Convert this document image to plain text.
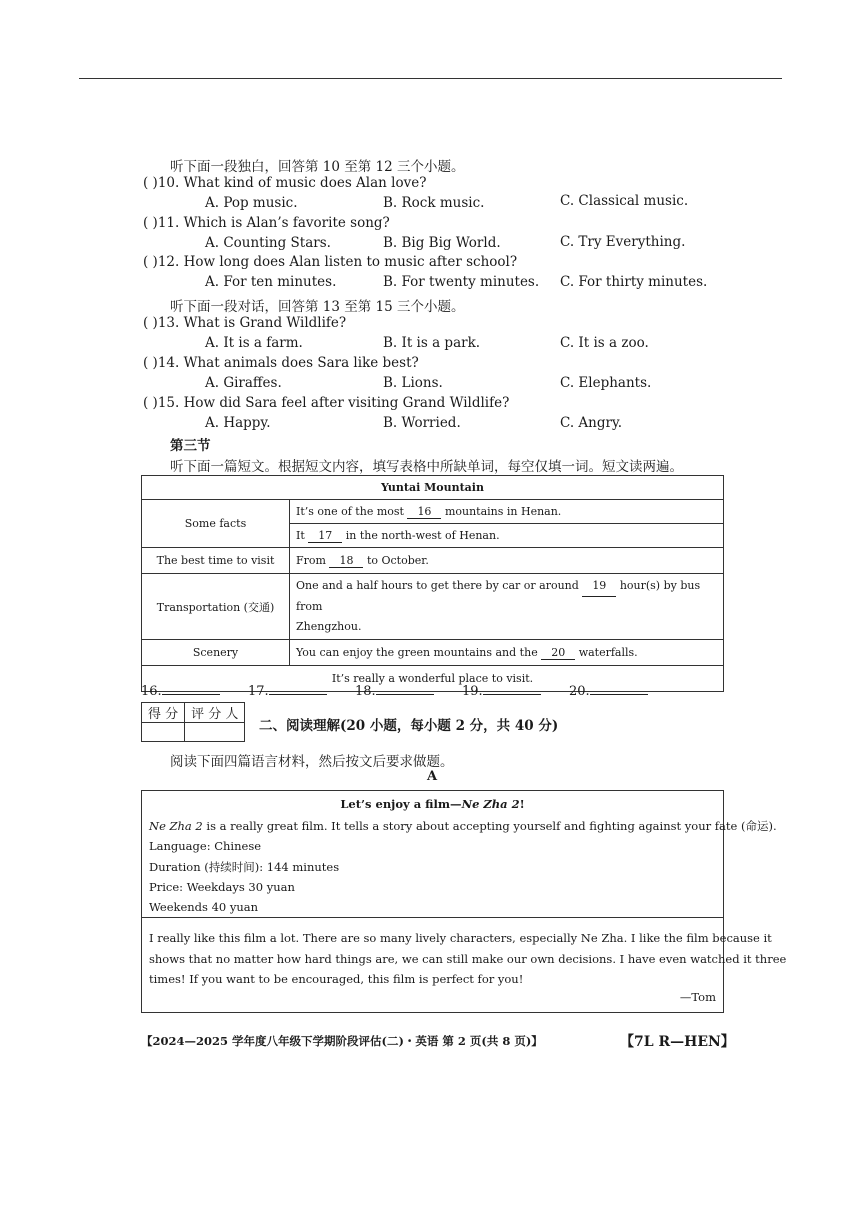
听下面一段独白，回答第 10 至第 12 三个小题。
( )10. What kind of music does Alan love?
A. Pop music.	B. Rock music.	C. Classical music.
( )11. Which is Alan’s favorite song?
A. Counting Stars.	B. Big Big World.	C. Try Everything.
( )12. How long does Alan listen to music after school?
A. For ten minutes.	B. For twenty minutes. C. For thirty minutes.
听下面一段对话，回答第 13 至第 15 三个小题。
( )13. What is Grand Wildlife?
A. It is a farm.	B. It is a park.	C. It is a zoo.
( )14. What animals does Sara like best?
A. Giraffes.	B. Lions.	C. Elephants.
( )15. How did Sara feel after visiting Grand Wildlife?
A. Happy.	B. Worried.	C. Angry.
第三节
听下面一篇短文。根据短文内容，填写表格中所缺单词，每空仅填一词。短文读两遍。
Yuntai Mountain	
Some facts	It’s one of the most 16 mountains in Henan.
	It 17 in the north-west of Henan.
The best time to visit	From 18 to October.
Transportation (交通)	One and a half hours to get there by car or around 19 hour(s) by bus from
Zhengzhou.
Scenery	You can enjoy the green mountains and the 20 waterfalls.
It’s really a wonderful place to visit.	
16.	17.	18.	19.	20.
得 分	评 分 人

二、阅读理解(20 小题，每小题 2 分，共 40 分)
阅读下面四篇语言材料，然后按文后要求做题。
A
Let’s enjoy a film—Ne Zha 2!
Ne Zha 2 is a really great film. It tells a story about accepting yourself and fighting against your fate (命运).
Language: Chinese
Duration (持续时间): 144 minutes
Price: Weekdays 30 yuan
Weekends 40 yuan
I really like this film a lot. There are so many lively characters, especially Ne Zha. I like the film because it
shows that no matter how hard things are, we can still make our own decisions. I have even watched it three
times! If you want to be encouraged, this film is perfect for you!
—Tom
【2024—2025 学年度八年级下学期阶段评估(二)・英语 第 2 页(共 8 页)】	【7L R—HEN】
